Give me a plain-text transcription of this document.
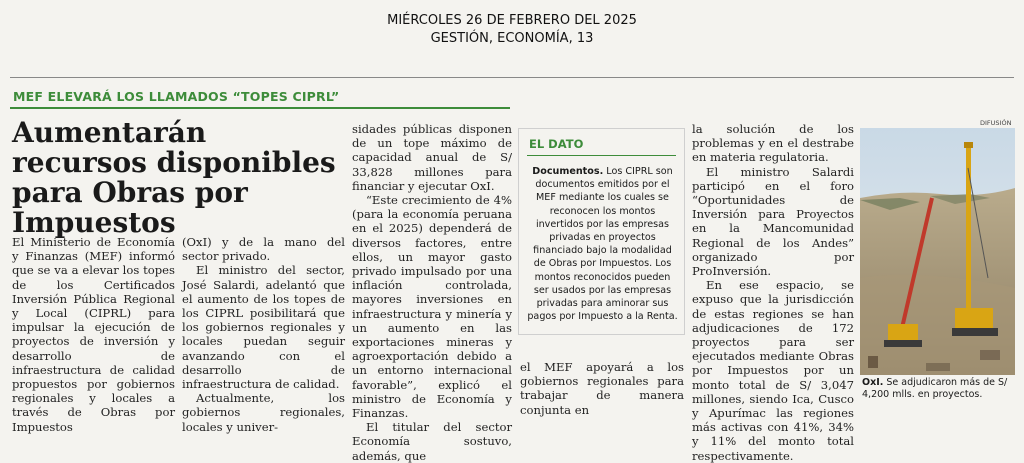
MIÉRCOLES 26 DE FEBRERO DEL 2025
GESTIÓN, ECONOMÍA, 13
MEF ELEVARÁ LOS LLAMADOS “TOPES CIPRL”
Aumentarán recursos disponibles para Obras por Impuestos

El Ministerio de Economía y Finanzas (MEF) informó que se va a elevar los topes de los Certificados Inversión Pública Regional y Local (CIPRL) para impulsar la ejecución de proyectos de inversión y desarrollo de infraestructura de calidad propuestos por gobiernos regionales y locales a través de Obras por Impuestos

(OxI) y de la mano del sector privado.

El ministro del sector, José Salardi, adelantó que el aumento de los topes de los CIPRL posibilitará que los gobiernos regionales y locales puedan seguir avanzando con el desarrollo de infraestructura de calidad.

Actualmente, los gobiernos regionales, locales y univer-

sidades públicas disponen de un tope máximo de capacidad anual de S/ 33,828 millones para financiar y ejecutar OxI.

“Este crecimiento de 4% (para la economía peruana en el 2025) dependerá de diversos factores, entre ellos, un mayor gasto privado impulsado por una inflación controlada, mayores inversiones en infraestructura y minería y un aumento en las exportaciones mineras y agroexportación debido a un entorno internacional favorable”, explicó el ministro de Economía y Finanzas.

El titular del sector Economía sostuvo, además, que

EL DATO
Documentos. Los CIPRL son documentos emitidos por el MEF mediante los cuales se reconocen los montos invertidos por las empresas privadas en proyectos financiado bajo la modalidad de Obras por Impuestos. Los montos reconocidos pueden ser usados por las empresas privadas para aminorar sus pagos por Impuesto a la Renta.

el MEF apoyará a los gobiernos regionales para trabajar de manera conjunta en

la solución de los problemas y en el destrabe en materia regulatoria.

El ministro Salardi participó en el foro “Oportunidades de Inversión para Proyectos en la Mancomunidad Regional de los Andes” organizado por ProInversión.

En ese espacio, se expuso que la jurisdicción de estas regiones se han adjudicaciones de 172 proyectos para ser ejecutados mediante Obras por Impuestos por un monto total de S/ 3,047 millones, siendo Ica, Cusco y Apurímac las regiones más activas con 41%, 34% y 11% del monto total respectivamente.

DIFUSIÓN
OxI. Se adjudicaron más de S/ 4,200 mlls. en proyectos.
